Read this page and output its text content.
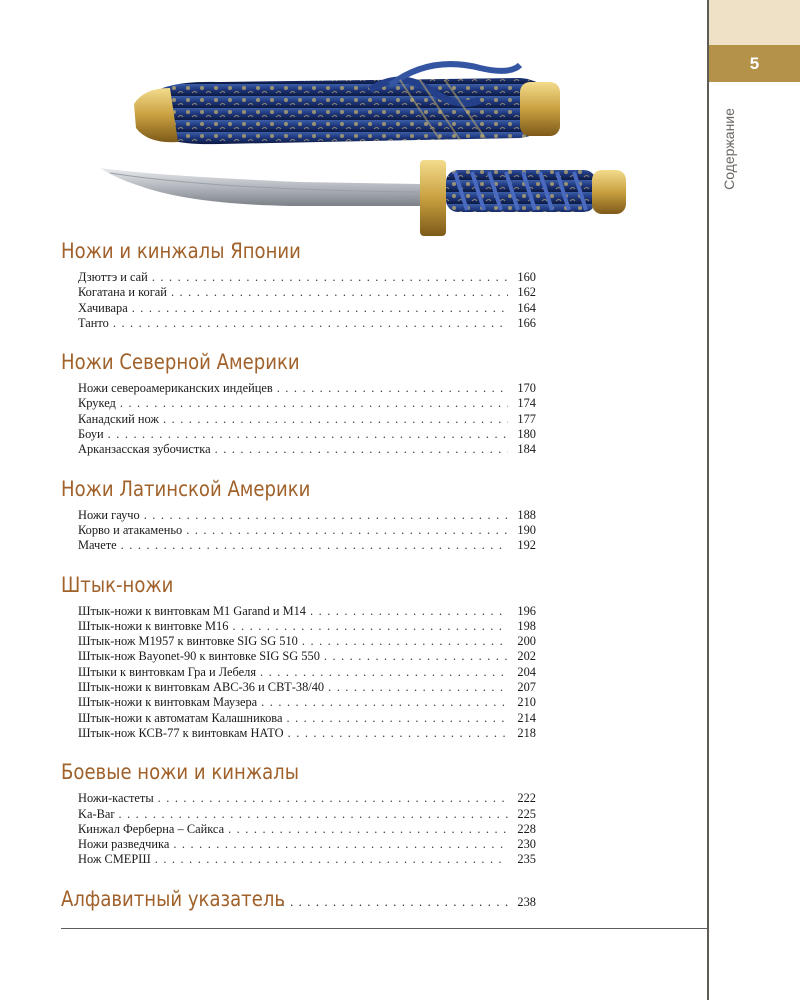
5
Содержание
Ножи и кинжалы Японии
Дзюттэ и сай . . .	160
Когатана и когай . . .	162
Хачивара . . .	164
Танто . . .	166
Ножи Северной Америки
Ножи североамериканских индейцев . . .	170
Крукед . . .	174
Канадский нож . . .	177
Боуи . . .	180
Арканзасская зубочистка . . .	184
Ножи Латинской Америки
Ножи гаучо . . .	188
Корво и атакаменьо . . .	190
Мачете . . .	192
Штык-ножи
Штык-ножи к винтовкам M1 Garand и M14 . . .	196
Штык-ножи к винтовке М16 . . .	198
Штык-нож M1957 к винтовке SIG SG 510 . . .	200
Штык-нож Bayonet-90 к винтовке SIG SG 550 . . .	202
Штыки к винтовкам Гра и Лебеля . . .	204
Штык-ножи к винтовкам АВС-36 и СВТ-38/40 . . .	207
Штык-ножи к винтовкам Маузера . . .	210
Штык-ножи к автоматам Калашникова . . .	214
Штык-нож КСВ-77 к винтовкам НАТО . . .	218
Боевые ножи и кинжалы
Ножи-кастеты . . .	222
Ka-Bar . . .	225
Кинжал Ферберна – Сайкса . . .	228
Ножи разведчика . . .	230
Нож СМЕРШ . . .	235
Алфавитный указатель . . .	238
